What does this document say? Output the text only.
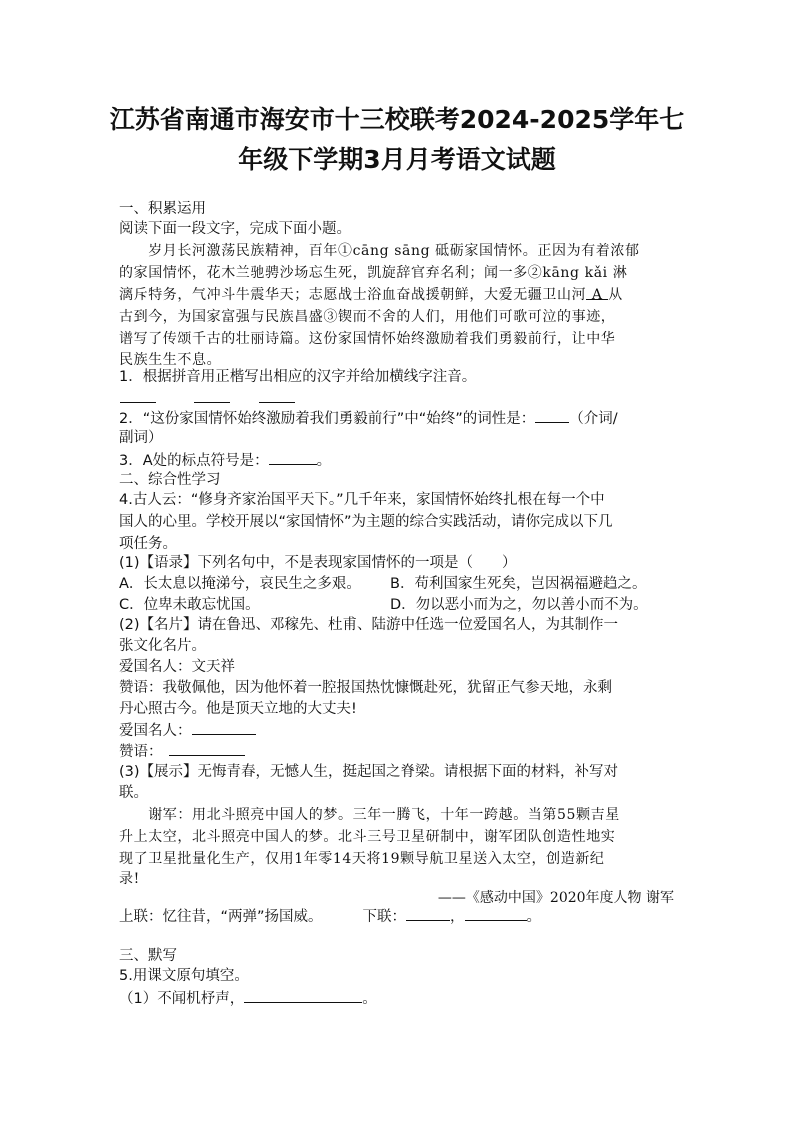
江苏省南通市海安市十三校联考2024-2025学年七
年级下学期3月月考语文试题
一、积累运用
阅读下面一段文字，完成下面小题。
　　岁月长河激荡民族精神，百年①cāng sāng 砥砺家国情怀。正因为有着浓郁
的家国情怀，花木兰驰骋沙场忘生死，凯旋辞官弃名利；闻一多②kāng kǎi 淋
漓斥特务，气冲斗牛震华天；志愿战士浴血奋战援朝鲜，大爱无疆卫山河 A 从
古到今，为国家富强与民族昌盛③锲而不舍的人们，用他们可歌可泣的事迹，
谱写了传颂千古的壮丽诗篇。这份家国情怀始终激励着我们勇毅前行，让中华
民族生生不息。
1．根据拼音用正楷写出相应的汉字并给加横线字注音。
2．“这份家国情怀始终激励着我们勇毅前行”中“始终”的词性是： （介词/
副词）
3．A处的标点符号是：	。
二、综合性学习
4.古人云：“修身齐家治国平天下。”几千年来，家国情怀始终扎根在每一个中
国人的心里。学校开展以“家国情怀”为主题的综合实践活动，请你完成以下几
项任务。
(1)【语录】下列名句中，不是表现家国情怀的一项是（　　）
A．长太息以掩涕兮，哀民生之多艰。 B．苟利国家生死矣，岂因祸福避趋之。
C．位卑未敢忘忧国。	D．勿以恶小而为之，勿以善小而不为。
(2)【名片】请在鲁迅、邓稼先、杜甫、陆游中任选一位爱国名人，为其制作一
张文化名片。
爱国名人：文天祥
赞语：我敬佩他，因为他怀着一腔报国热忱慷慨赴死，犹留正气参天地，永剩
丹心照古今。他是顶天立地的大丈夫!
爱国名人：
赞语：
(3)【展示】无悔青春，无憾人生，挺起国之脊梁。请根据下面的材料，补写对
联。
　　谢军：用北斗照亮中国人的梦。三年一腾飞，十年一跨越。当第55颗吉星
升上太空，北斗照亮中国人的梦。北斗三号卫星研制中，谢军团队创造性地实
现了卫星批量化生产，仅用1年零14天将19颗导航卫星送入太空，创造新纪
录!
——《感动中国》2020年度人物 谢军
上联：忆往昔，“两弹”扬国威。	下联：	，	。
三、默写
5.用课文原句填空。
（1）不闻机杼声，	。
